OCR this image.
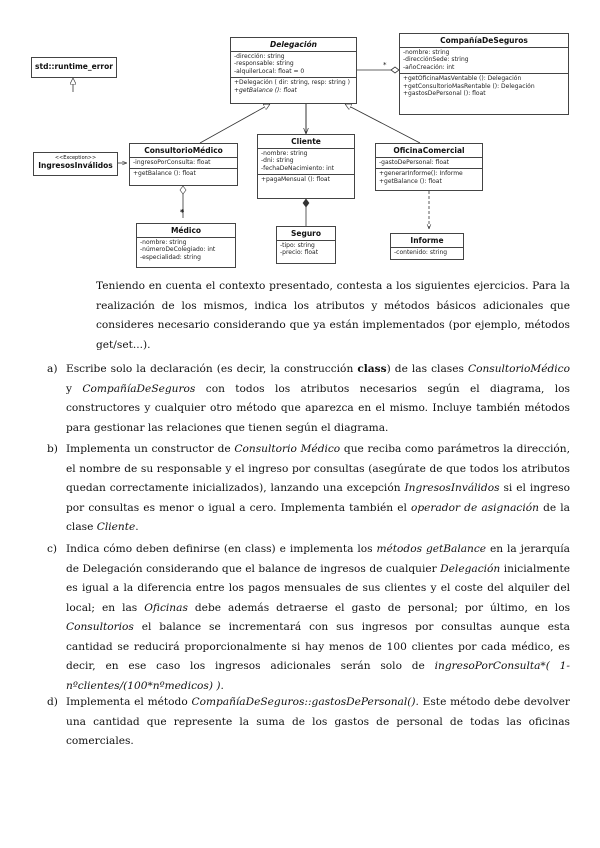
std::runtime_error
Delegación
-dirección: string
-responsable: string
-alquilerLocal: float = 0
+Delegación ( dir: string, resp: string )
+getBalance (): float
CompañíaDeSeguros
-nombre: string
-direcciónSede: string
-añoCreación: int
+getOficinaMasVentable (): Delegación
+getConsultorioMasRentable (): Delegación
+gastosDePersonal (): float
*
<<Exception>>
IngresosInválidos
ConsultorioMédico
-ingresoPorConsulta: float
+getBalance (): float
Cliente
-nombre: string
-dni: string
-fechaDeNacimiento: int
+pagaMensual (): float
OficinaComercial
-gastoDePersonal: float
+generarInforme(): Informe
+getBalance (): float
*
Médico
-nombre: string
-númeroDeColegiado: int
-especialidad: string
Seguro
-tipo: string
-precio: float
Informe
-contenido: string
Teniendo en cuenta el contexto presentado, contesta a los siguientes ejercicios. Para la realización de los mismos, indica los atributos y métodos básicos adicionales que consideres necesario considerando que ya están implementados (por ejemplo, métodos get/set...).
a) Escribe solo la declaración (es decir, la construcción class) de las clases ConsultorioMédico y CompañíaDeSeguros con todos los atributos necesarios según el diagrama, los constructores y cualquier otro método que aparezca en el mismo. Incluye también métodos para gestionar las relaciones que tienen según el diagrama.
b) Implementa un constructor de Consultorio Médico que reciba como parámetros la dirección, el nombre de su responsable y el ingreso por consultas (asegúrate de que todos los atributos quedan correctamente inicializados), lanzando una excepción IngresosInválidos si el ingreso por consultas es menor o igual a cero. Implementa también el operador de asignación de la clase Cliente.
c) Indica cómo deben definirse (en class) e implementa los métodos getBalance en la jerarquía de Delegación considerando que el balance de ingresos de cualquier Delegación inicialmente es igual a la diferencia entre los pagos mensuales de sus clientes y el coste del alquiler del local; en las Oficinas debe además detraerse el gasto de personal; por último, en los Consultorios el balance se incrementará con sus ingresos por consultas aunque esta cantidad se reducirá proporcionalmente si hay menos de 100 clientes por cada médico, es decir, en ese caso los ingresos adicionales serán solo de ingresoPorConsulta*( 1-nºclientes/(100*nºmedicos) ).
d) Implementa el método CompañíaDeSeguros::gastosDePersonal(). Este método debe devolver una cantidad que represente la suma de los gastos de personal de todas las oficinas comerciales.
